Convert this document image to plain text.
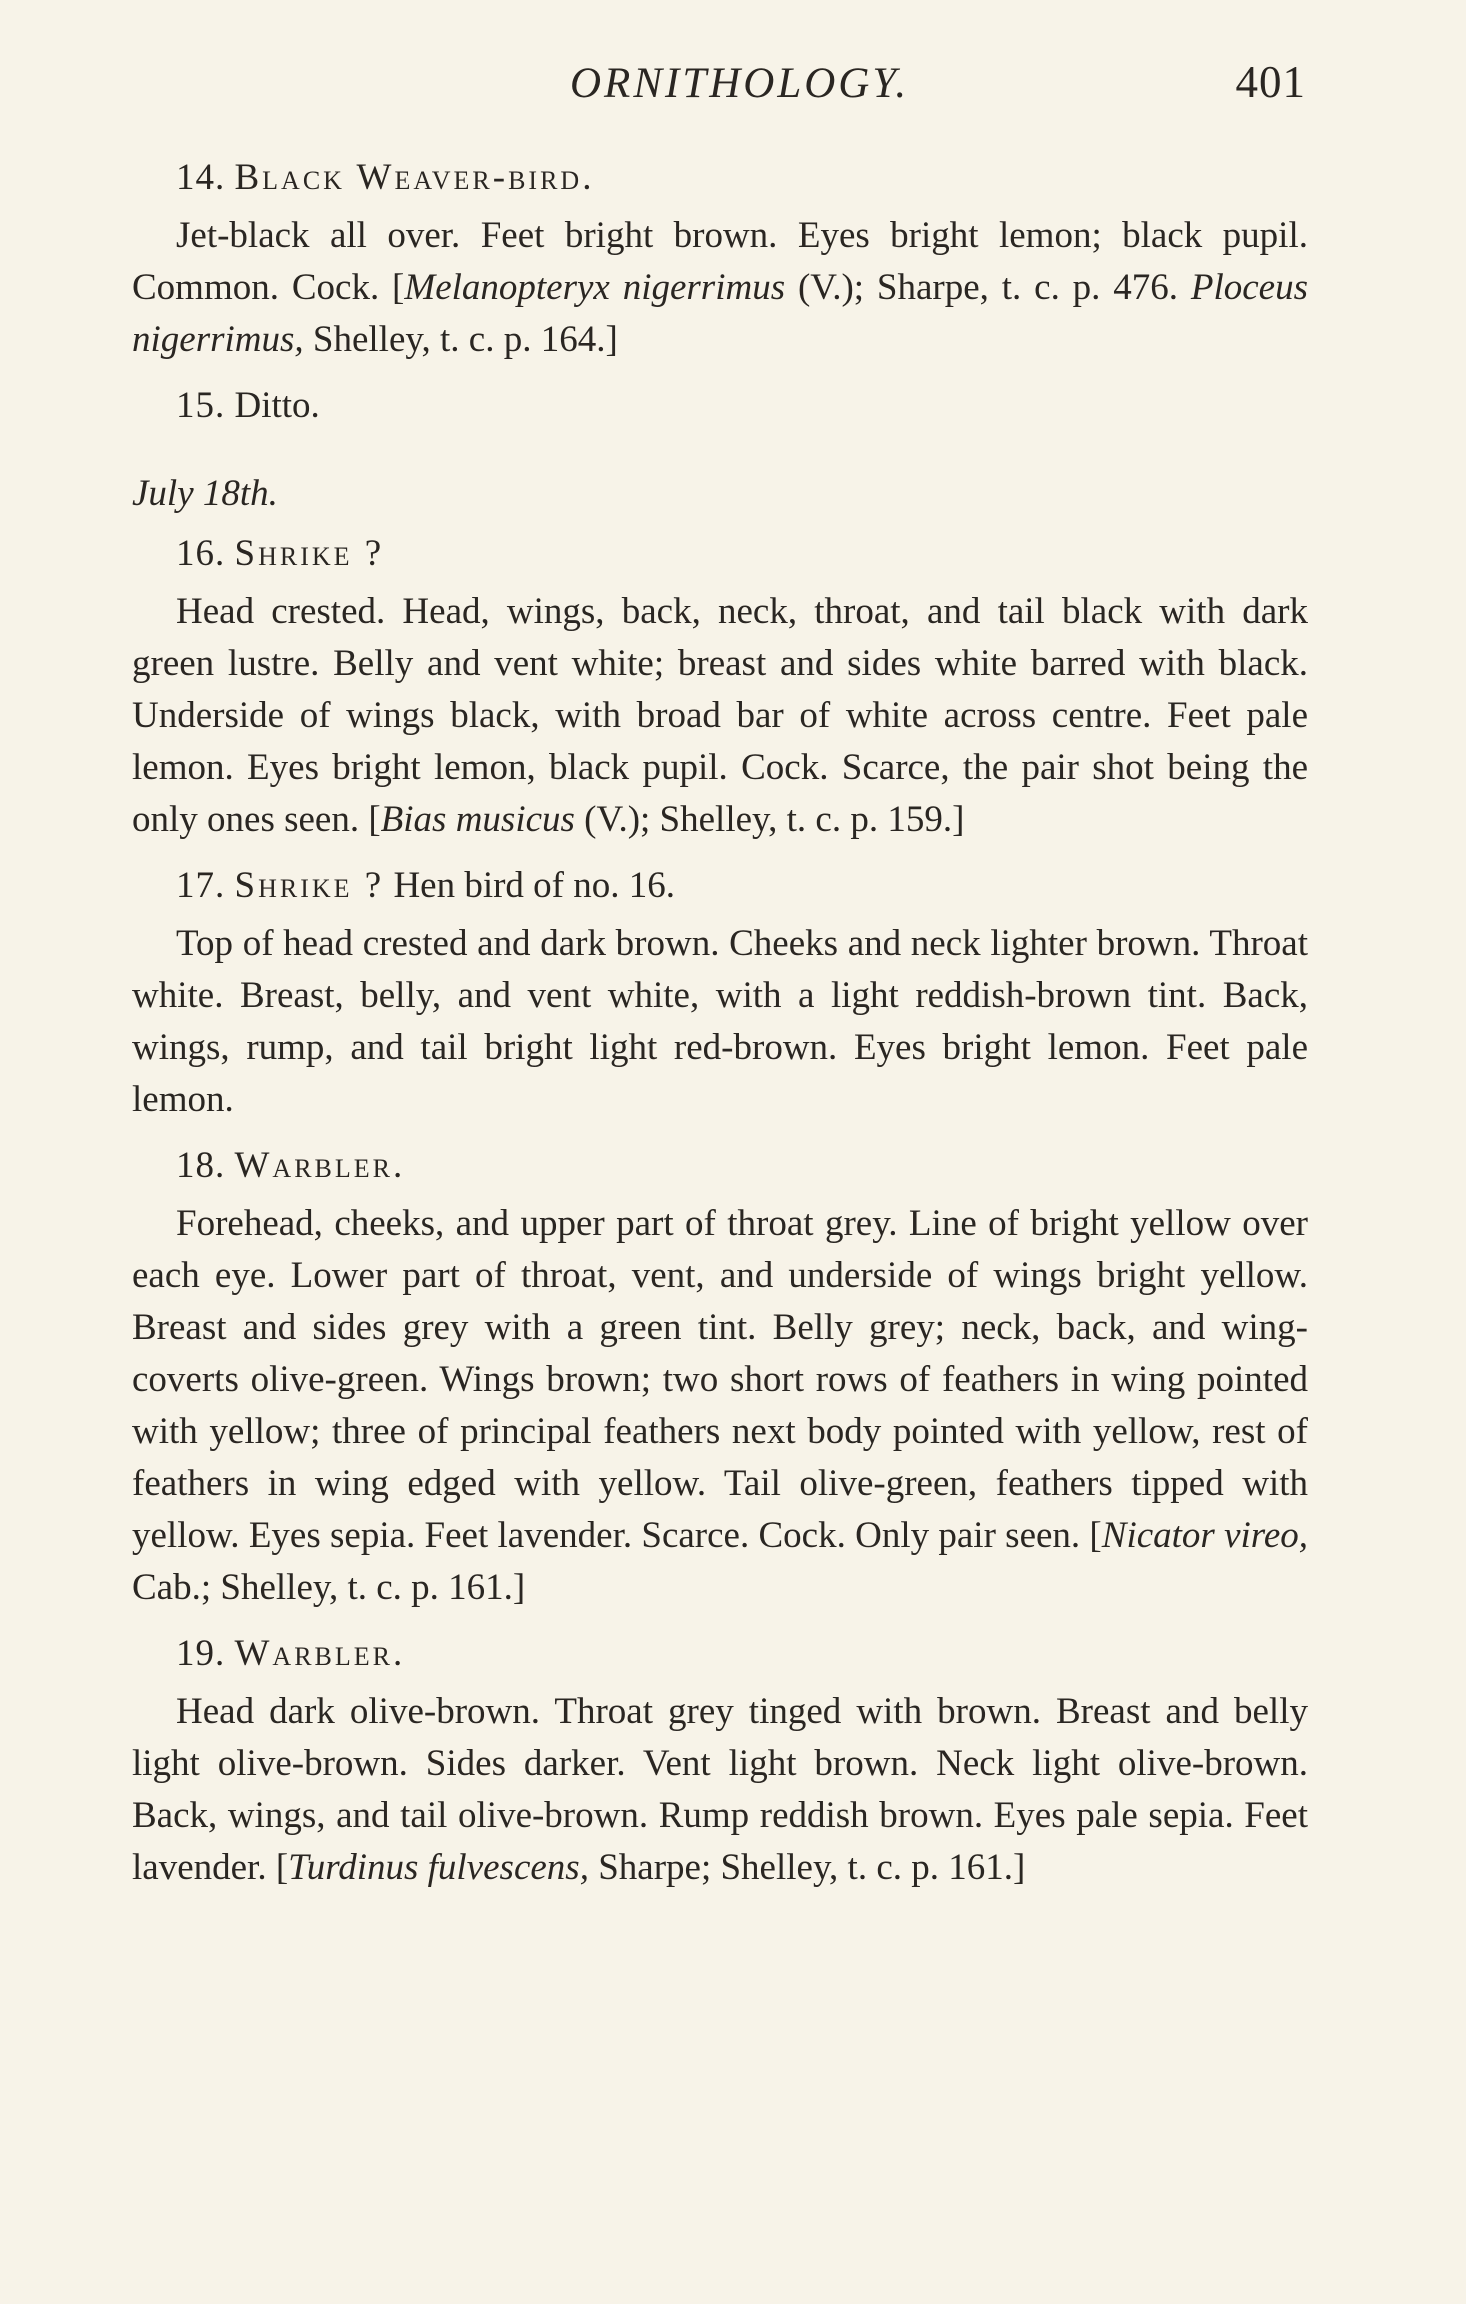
ORNITHOLOGY.	401
14. Black Weaver-bird.

Jet-black all over. Feet bright brown. Eyes bright lemon; black pupil. Common. Cock. [Melanopteryx nigerrimus (V.); Sharpe, t. c. p. 476. Ploceus nigerrimus, Shelley, t. c. p. 164.]

15. Ditto.
July 18th.
16. Shrike ?

Head crested. Head, wings, back, neck, throat, and tail black with dark green lustre. Belly and vent white; breast and sides white barred with black. Underside of wings black, with broad bar of white across centre. Feet pale lemon. Eyes bright lemon, black pupil. Cock. Scarce, the pair shot being the only ones seen. [Bias musicus (V.); Shelley, t. c. p. 159.]

17. Shrike ? Hen bird of no. 16.

Top of head crested and dark brown. Cheeks and neck lighter brown. Throat white. Breast, belly, and vent white, with a light reddish-brown tint. Back, wings, rump, and tail bright light red-brown. Eyes bright lemon. Feet pale lemon.

18. Warbler.

Forehead, cheeks, and upper part of throat grey. Line of bright yellow over each eye. Lower part of throat, vent, and underside of wings bright yellow. Breast and sides grey with a green tint. Belly grey; neck, back, and wing-coverts olive-green. Wings brown; two short rows of feathers in wing pointed with yellow; three of principal feathers next body pointed with yellow, rest of feathers in wing edged with yellow. Tail olive-green, feathers tipped with yellow. Eyes sepia. Feet lavender. Scarce. Cock. Only pair seen. [Nicator vireo, Cab.; Shelley, t. c. p. 161.]

19. Warbler.

Head dark olive-brown. Throat grey tinged with brown. Breast and belly light olive-brown. Sides darker. Vent light brown. Neck light olive-brown. Back, wings, and tail olive-brown. Rump reddish brown. Eyes pale sepia. Feet lavender. [Turdinus fulvescens, Sharpe; Shelley, t. c. p. 161.]
